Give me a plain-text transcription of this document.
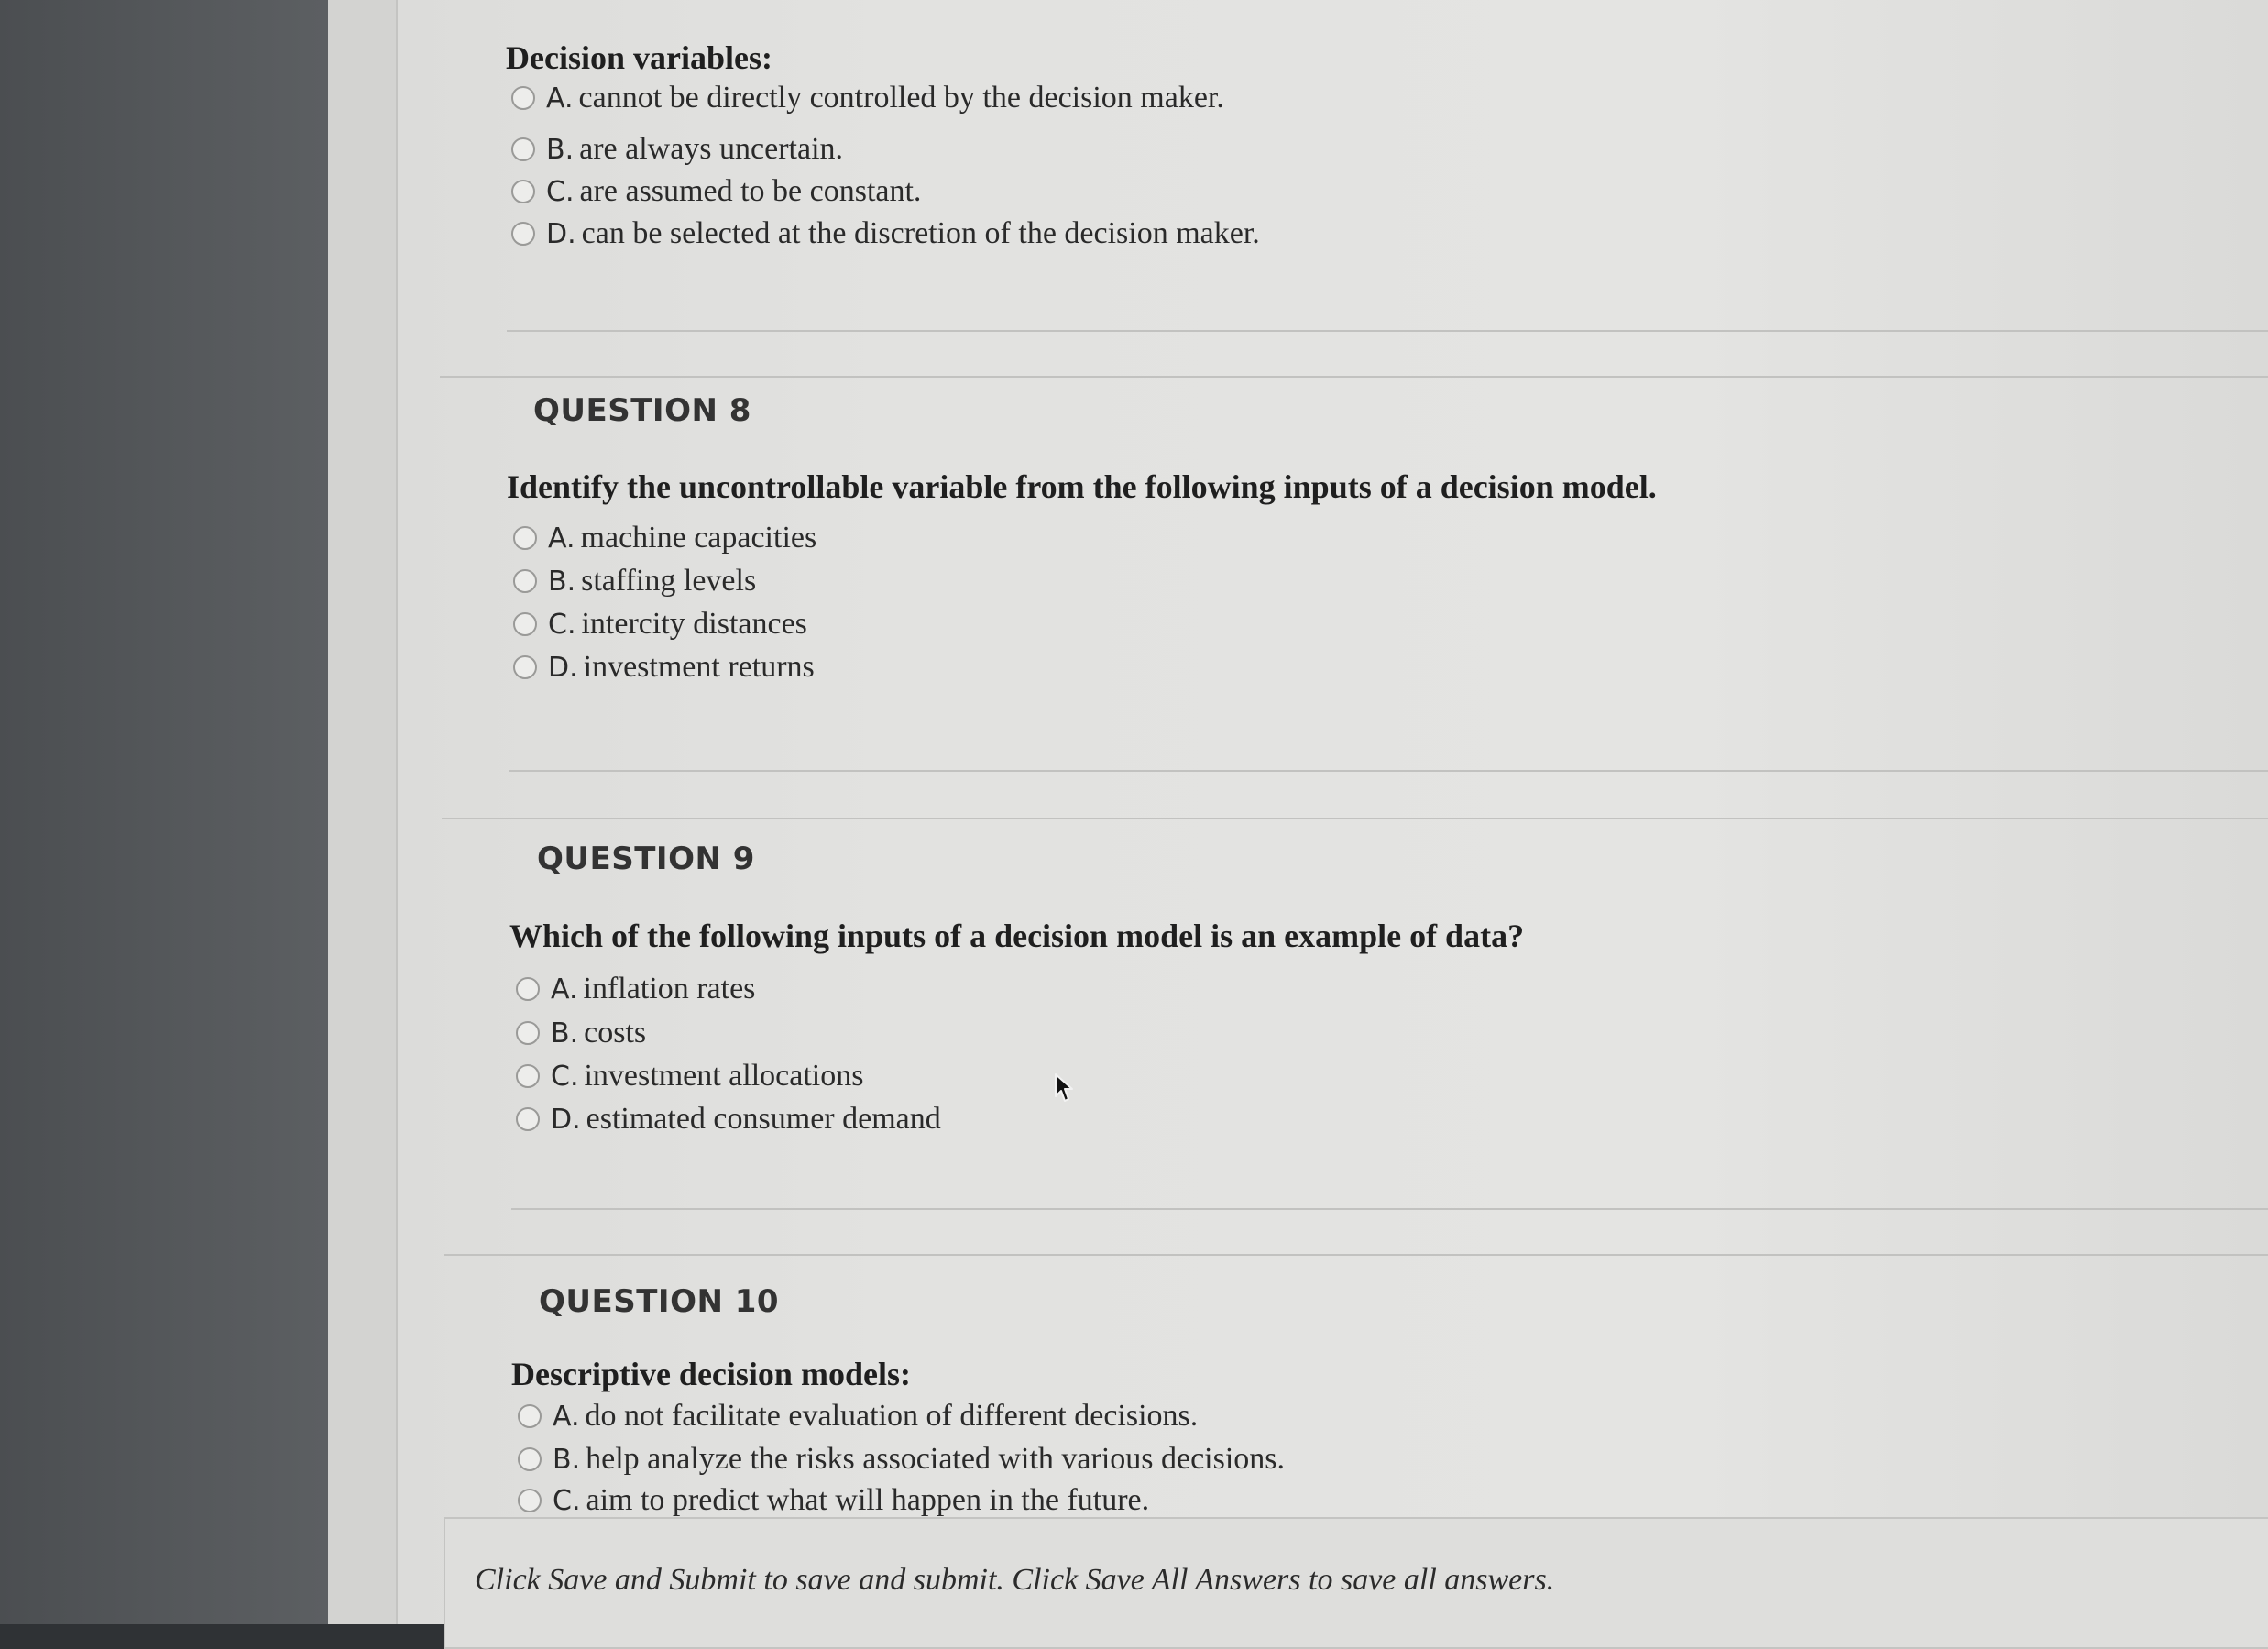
Decision variables:
A. cannot be directly controlled by the decision maker.
B. are always uncertain.
C. are assumed to be constant.
D. can be selected at the discretion of the decision maker.
QUESTION 8
Identify the uncontrollable variable from the following inputs of a decision model.
A. machine capacities
B. staffing levels
C. intercity distances
D. investment returns
QUESTION 9
Which of the following inputs of a decision model is an example of data?
A. inflation rates
B. costs
C. investment allocations
D. estimated consumer demand
QUESTION 10
Descriptive decision models:
A. do not facilitate evaluation of different decisions.
B. help analyze the risks associated with various decisions.
C. aim to predict what will happen in the future.
Click Save and Submit to save and submit. Click Save All Answers to save all answers.
